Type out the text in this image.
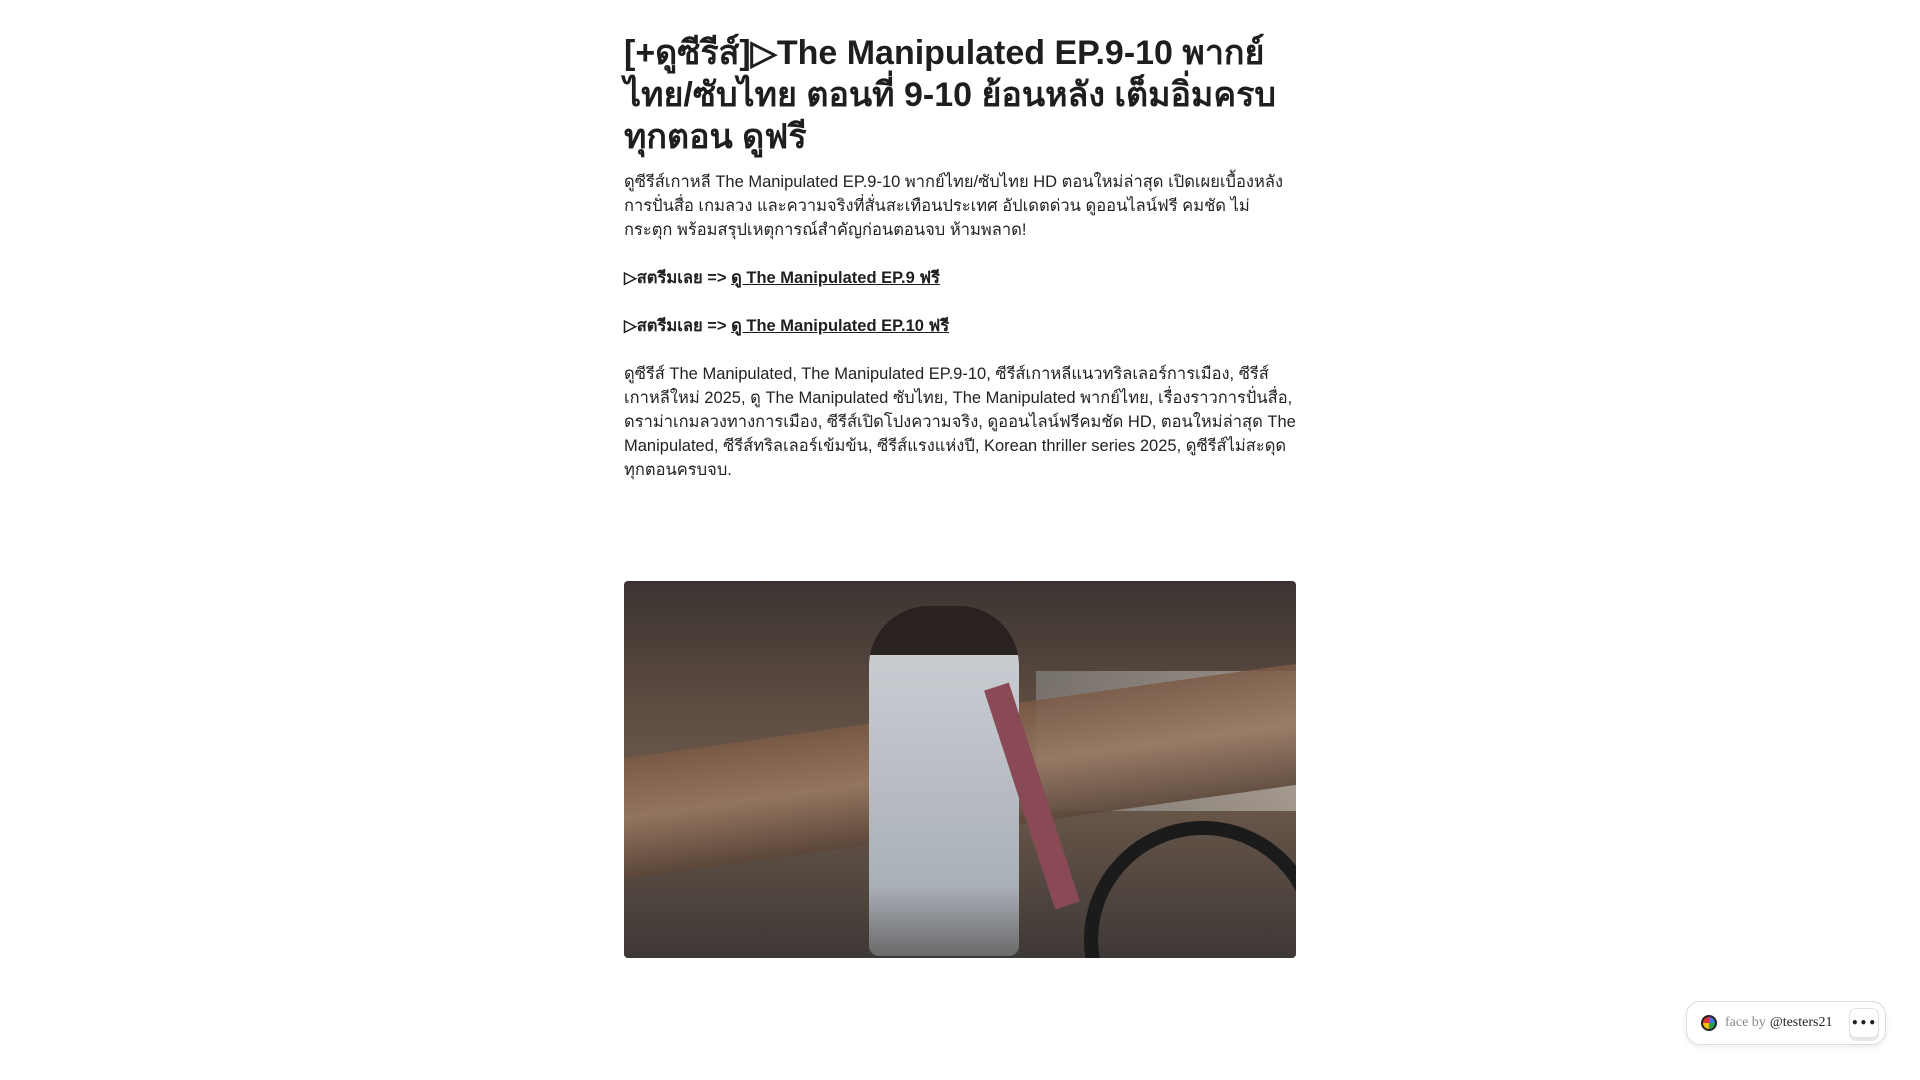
[+ดูซีรีส์]▷The Manipulated EP.9-10 พากย์ไทย/ซับไทย ตอนที่ 9-10 ย้อนหลัง เต็มอิ่มครบทุกตอน ดูฟรี

ดูซีรีส์เกาหลี The Manipulated EP.9-10 พากย์ไทย/ซับไทย HD ตอนใหม่ล่าสุด เปิดเผยเบื้องหลังการปั่นสื่อ เกมลวง และความจริงที่สั่นสะเทือนประเทศ อัปเดตด่วน ดูออนไลน์ฟรี คมชัด ไม่กระตุก พร้อมสรุปเหตุการณ์สำคัญก่อนตอนจบ ห้ามพลาด!

▷สตรีมเลย => ดู The Manipulated EP.9 ฟรี

▷สตรีมเลย => ดู The Manipulated EP.10 ฟรี

ดูซีรีส์ The Manipulated, The Manipulated EP.9-10, ซีรีส์เกาหลีแนวทริลเลอร์การเมือง, ซีรีส์เกาหลีใหม่ 2025, ดู The Manipulated ซับไทย, The Manipulated พากย์ไทย, เรื่องราวการปั่นสื่อ, ดราม่าเกมลวงทางการเมือง, ซีรีส์เปิดโปงความจริง, ดูออนไลน์ฟรีคมชัด HD, ตอนใหม่ล่าสุด The Manipulated, ซีรีส์ทริลเลอร์เข้มข้น, ซีรีส์แรงแห่งปี, Korean thriller series 2025, ดูซีรีส์ไม่สะดุด ทุกตอนครบจบ.

face by @testers21 •••
